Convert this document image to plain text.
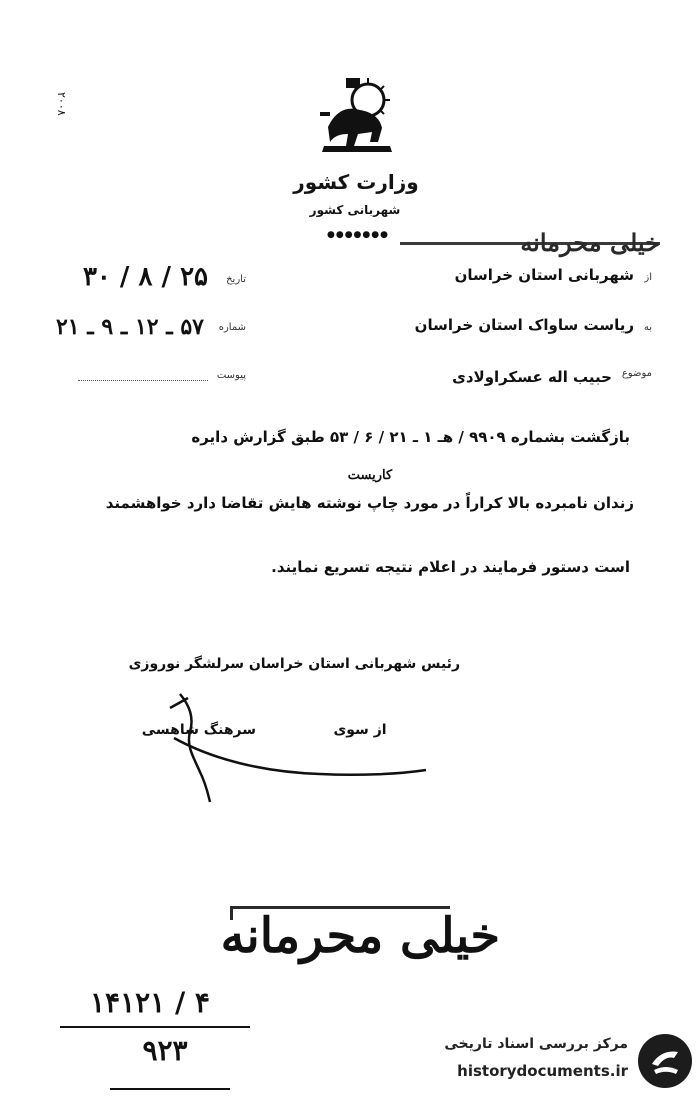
۲۰۰۸
وزارت کشور
شهربانی کشور
●●●●●●●	خیلی محرمانه
تاریخ
۲۵ / ۸ / ۳۰
شماره
۵۷ ـ ۱۲ ـ ۹ ـ ۲۱
پیوست
از
شهربانی استان خراسان
به
ریاست ساواک استان خراسان
موضوع
حبیب اله عسکراولادی
بازگشت بشماره ۹۹۰۹ / هـ ۱ ـ ۲۱ / ۶ / ۵۳ طبق گزارش دایره
کاریست
زندان نامبرده بالا کراراً در مورد چاپ نوشته هایش تقاضا دارد خواهشمند
است دستور فرمایند در اعلام نتیجه تسریع نمایند.
رئیس شهربانی استان خراسان سرلشگر نوروزی
از سوی
سرهنگ شاهسی
خیلی محرمانه
۱۴۱۲۱ / ۴
۹۲۳	مرکز بررسی اسناد تاریخی
historydocuments.ir
